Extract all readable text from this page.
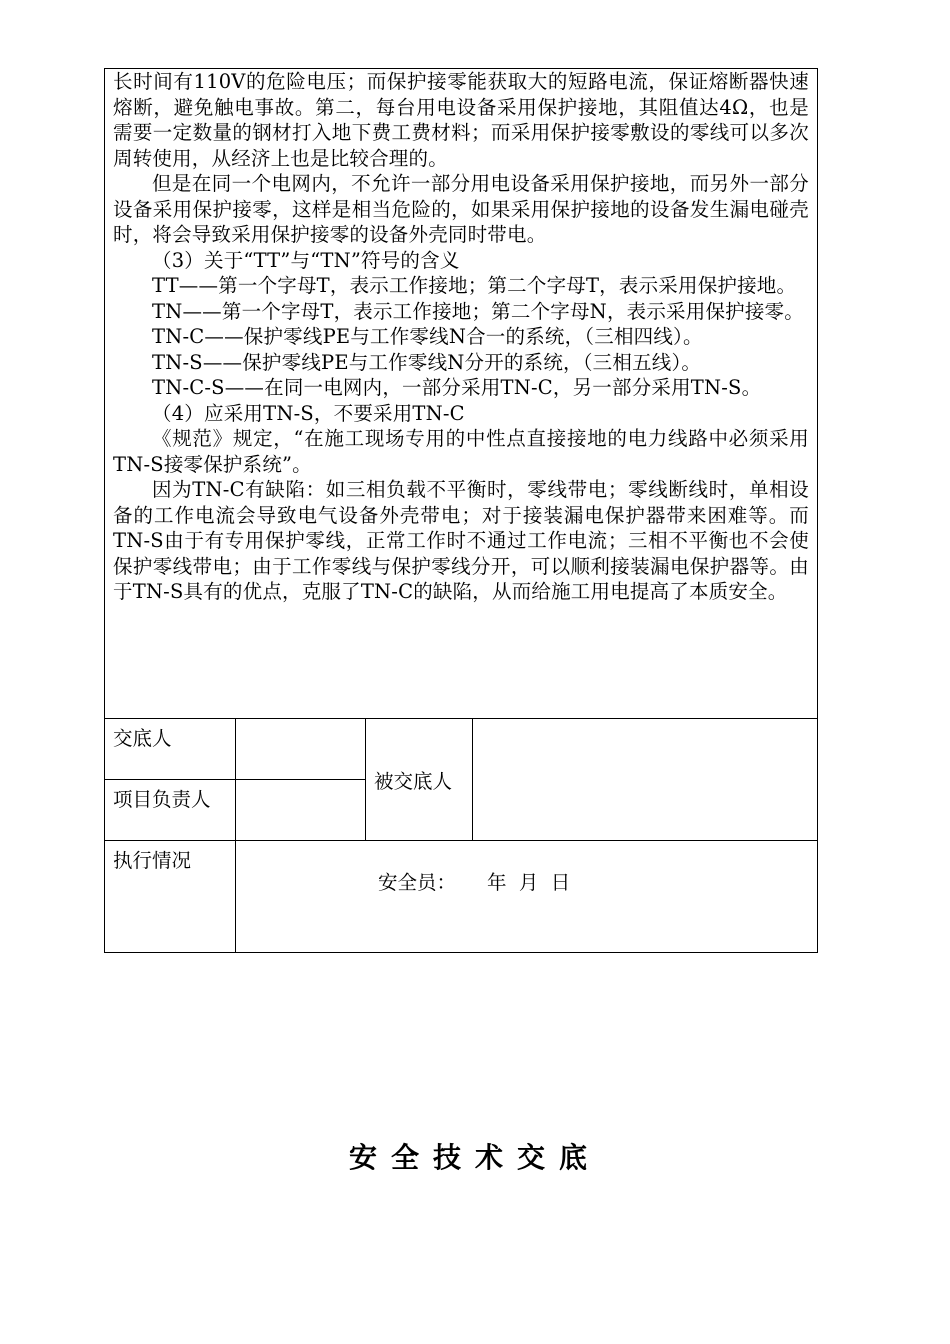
长时间有110V的危险电压；而保护接零能获取大的短路电流，保证熔断器快速熔断，避免触电事故。第二，每台用电设备采用保护接地，其阻值达4Ω，也是需要一定数量的钢材打入地下费工费材料；而采用保护接零敷设的零线可以多次周转使用，从经济上也是比较合理的。

但是在同一个电网内，不允许一部分用电设备采用保护接地，而另外一部分设备采用保护接零，这样是相当危险的，如果采用保护接地的设备发生漏电碰壳时，将会导致采用保护接零的设备外壳同时带电。

（3）关于“TT”与“TN”符号的含义

TT——第一个字母T，表示工作接地；第二个字母T，表示采用保护接地。

TN——第一个字母T，表示工作接地；第二个字母N，表示采用保护接零。

TN-C——保护零线PE与工作零线N合一的系统，（三相四线）。

TN-S——保护零线PE与工作零线N分开的系统，（三相五线）。

TN-C-S——在同一电网内，一部分采用TN-C，另一部分采用TN-S。

（4）应采用TN-S，不要采用TN-C

《规范》规定，“在施工现场专用的中性点直接接地的电力线路中必须采用TN-S接零保护系统”。

因为TN-C有缺陷：如三相负载不平衡时，零线带电；零线断线时，单相设备的工作电流会导致电气设备外壳带电；对于接装漏电保护器带来困难等。而TN-S由于有专用保护零线，正常工作时不通过工作电流；三相不平衡也不会使保护零线带电；由于工作零线与保护零线分开，可以顺利接装漏电保护器等。由于TN-S具有的优点，克服了TN-C的缺陷，从而给施工用电提高了本质安全。

交底人
项目负责人
被交底人
执行情况
安全员：     年  月  日
安全技术交底
